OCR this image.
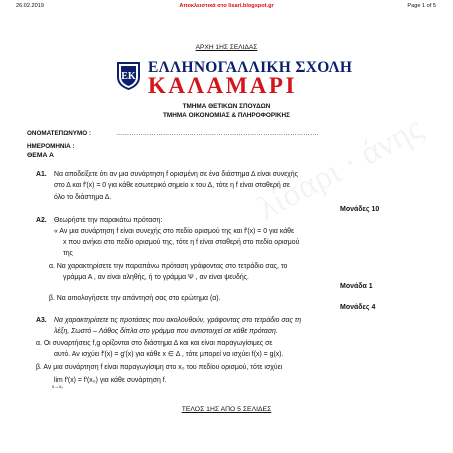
26.02.2019	Αποκλειστικά στο lisari.blogspot.gr	Page 1 of 5
ΑΡΧΗ 1ΗΣ ΣΕΛΙΔΑΣ
ΕΚ
ΕΛΛΗΝΟΓΑΛΛΙΚΗ ΣΧΟΛΗ
ΚΑΛΑΜΑΡΙ
ΤΜΗΜΑ ΘΕΤΙΚΩΝ ΣΠΟΥΔΩΝ
ΤΜΗΜΑ ΟΙΚΟΝΟΜΙΑΣ & ΠΛΗΡΟΦΟΡΙΚΗΣ
ΟΝΟΜΑΤΕΠΩΝΥΜΟ :	……………………………………………………………………………….
ΗΜΕΡΟΜΗΝΙΑ :
ΘΕΜΑ Α
Α1. Να αποδείξετε ότι αν μια συνάρτηση f ορισμένη σε ένα διάστημα Δ είναι συνεχής
στο Δ και f′(x) = 0 για κάθε εσωτερικό σημείο x του Δ, τότε η f είναι σταθερή σε
όλο το διάστημα Δ.
Μονάδες 10
Α2. Θεωρήστε την παρακάτω πρόταση:
« Αν μια συνάρτηση f είναι συνεχής στο πεδίο ορισμού της και f′(x) = 0 για κάθε
x που ανήκει στο πεδίο ορισμού της, τότε η f είναι σταθερή στο πεδίο ορισμού
της
α. Να χαρακτηρίσετε την παραπάνω πρόταση γράφοντας στο τετράδιο σας, το
γράμμα Α , αν είναι αληθής, ή το γράμμα Ψ , αν είναι ψευδής.
Μονάδα 1
β. Να αιτιολογήσετε την απάντησή σας στο ερώτημα (α).
Μονάδες 4
Α3. Να χαρακτηρίσετε τις προτάσεις που ακολουθούν, γράφοντας στο τετράδιο σας τη
λέξη, Σωστό – Λάθος δίπλα στο γράμμα που αντιστοιχεί σε κάθε πρόταση.
α. Οι συναρτήσεις f,g ορίζονται στο διάστημα Δ και και είναι παραγωγίσιμες σε
αυτό. Αν ισχύει f′(x) = g′(x) για κάθε x ∈ Δ , τότε μπορεί να ισχύει f(x) = g(x).
β. Αν μια συνάρτηση f είναι παραγωγίσιμη στο x₀ του πεδίου ορισμού, τότε ισχύει
lim f′(x) = f′(x₀) για κάθε συνάρτηση f.
x→x₀
ΤΕΛΟΣ 1ΗΣ ΑΠΟ 5 ΣΕΛΙΔΕΣ
